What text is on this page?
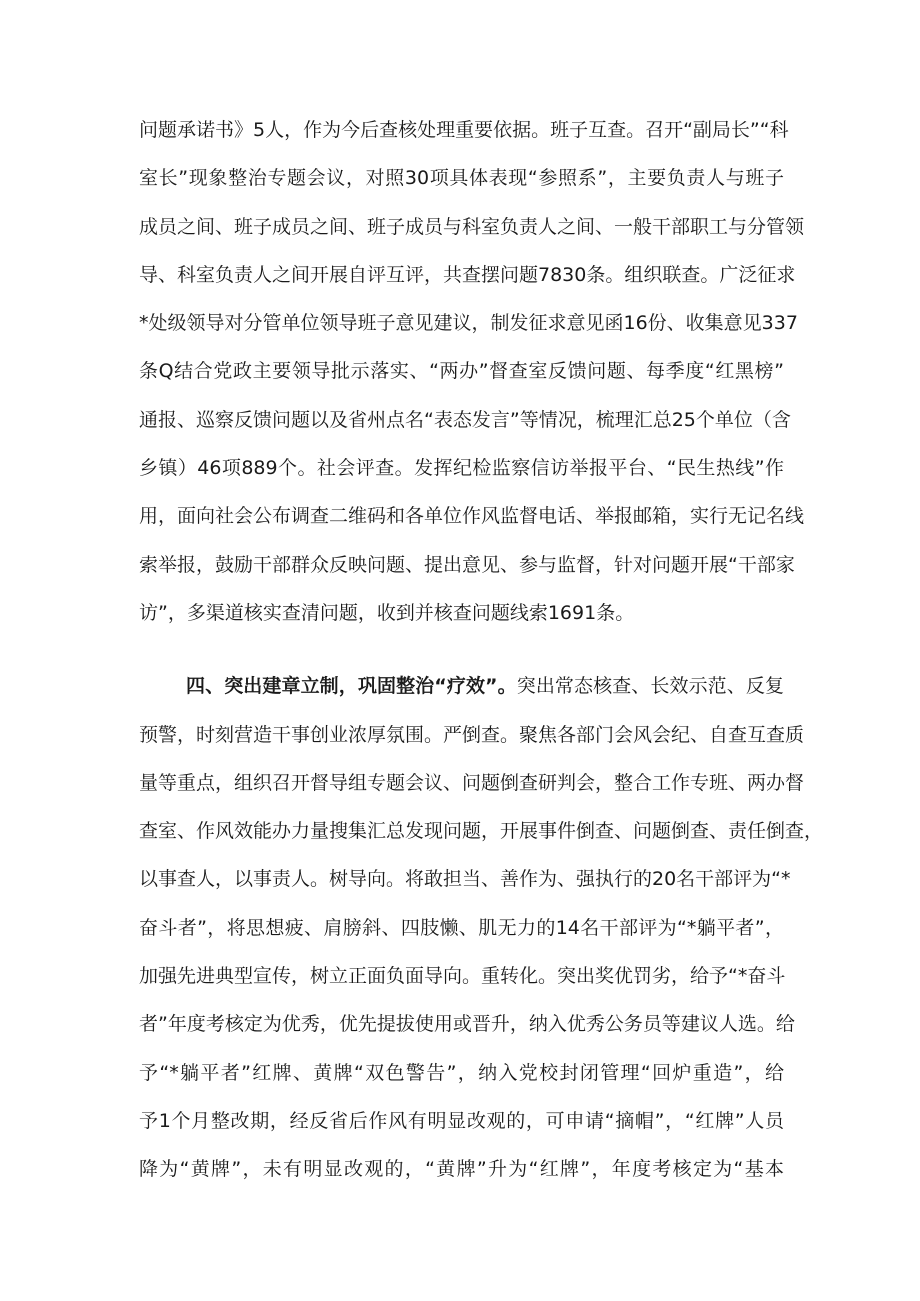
问题承诺书》5人，作为今后查核处理重要依据。班子互查。召开“副局长”“科
室长”现象整治专题会议，对照30项具体表现“参照系”，主要负责人与班子
成员之间、班子成员之间、班子成员与科室负责人之间、一般干部职工与分管领
导、科室负责人之间开展自评互评，共查摆问题7830条。组织联查。广泛征求
*处级领导对分管单位领导班子意见建议，制发征求意见函16份、收集意见337
条Q结合党政主要领导批示落实、“两办”督查室反馈问题、每季度“红黑榜”
通报、巡察反馈问题以及省州点名“表态发言”等情况，梳理汇总25个单位（含
乡镇）46项889个。社会评查。发挥纪检监察信访举报平台、“民生热线”作
用，面向社会公布调查二维码和各单位作风监督电话、举报邮箱，实行无记名线
索举报，鼓励干部群众反映问题、提出意见、参与监督，针对问题开展“干部家
访”，多渠道核实查清问题，收到并核查问题线索1691条。
四、突出建章立制，巩固整治“疗效”。突出常态核查、长效示范、反复
预警，时刻营造干事创业浓厚氛围。严倒查。聚焦各部门会风会纪、自查互查质
量等重点，组织召开督导组专题会议、问题倒查研判会，整合工作专班、两办督
查室、作风效能办力量搜集汇总发现问题，开展事件倒查、问题倒查、责任倒查，
以事查人，以事责人。树导向。将敢担当、善作为、强执行的20名干部评为“*
奋斗者”，将思想疲、肩膀斜、四肢懒、肌无力的14名干部评为“*躺平者”，
加强先进典型宣传，树立正面负面导向。重转化。突出奖优罚劣，给予“*奋斗
者”年度考核定为优秀，优先提拔使用或晋升，纳入优秀公务员等建议人选。给
予“*躺平者”红牌、黄牌“双色警告”，纳入党校封闭管理“回炉重造”，给
予1个月整改期，经反省后作风有明显改观的，可申请“摘帽”，“红牌”人员
降为“黄牌”，未有明显改观的，“黄牌”升为“红牌”，年度考核定为“基本
